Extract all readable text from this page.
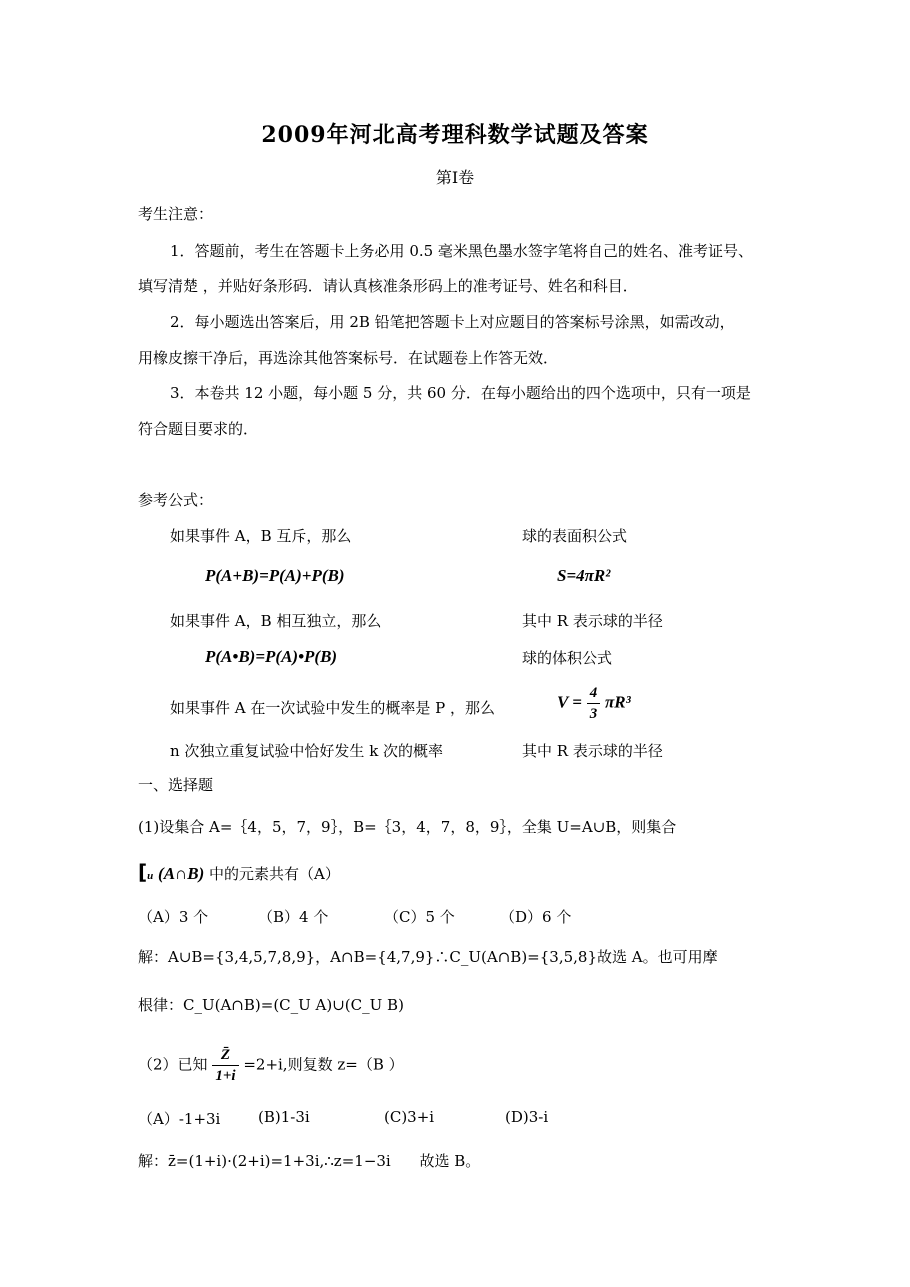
2009年河北高考理科数学试题及答案
第Ⅰ卷
考生注意：
1．答题前，考生在答题卡上务必用 0.5 毫米黑色墨水签字笔将自己的姓名、准考证号、
填写清楚 ，并贴好条形码．请认真核准条形码上的准考证号、姓名和科目．
2．每小题选出答案后，用 2B 铅笔把答题卡上对应题目的答案标号涂黑，如需改动，
用橡皮擦干净后，再选涂其他答案标号．在试题卷上作答无效．
3．本卷共 12 小题，每小题 5 分，共 60 分．在每小题给出的四个选项中，只有一项是
符合题目要求的．
参考公式：
如果事件 A，B 互斥，那么
P(A+B)=P(A)+P(B)
如果事件 A，B 相互独立，那么
P(A•B)=P(A)•P(B)
如果事件 A 在一次试验中发生的概率是 P ，那么
n 次独立重复试验中恰好发生 k 次的概率
球的表面积公式
S=4πR²
其中 R 表示球的半径
球的体积公式
$V = \frac{4}{3} \pi R^3$
其中 R 表示球的半径
一、选择题
(1)设集合 A=｛4，5，7，9｝，B=｛3，4，7，8，9｝，全集 U=A∪B，则集合
[u (A∩B) 中的元素共有（A）
（A）3 个	（B）4 个	（C）5 个	（D）6 个
解：A∪B={3,4,5,7,8,9}，A∩B={4,7,9}∴C_U(A∩B)={3,5,8}故选 A。也可用摩
根律：C_U(A∩B)=(C_U A)∪(C_U B)
（2）已知 $\frac{Z̄}{1+i} =2+i$,则复数 z=（B ）
（A）-1+3i	(B)1-3i	(C)3+i	(D)3-i
解：z̄=(1+i)·(2+i)=1+3i,∴z=1−3i 故选 B。
